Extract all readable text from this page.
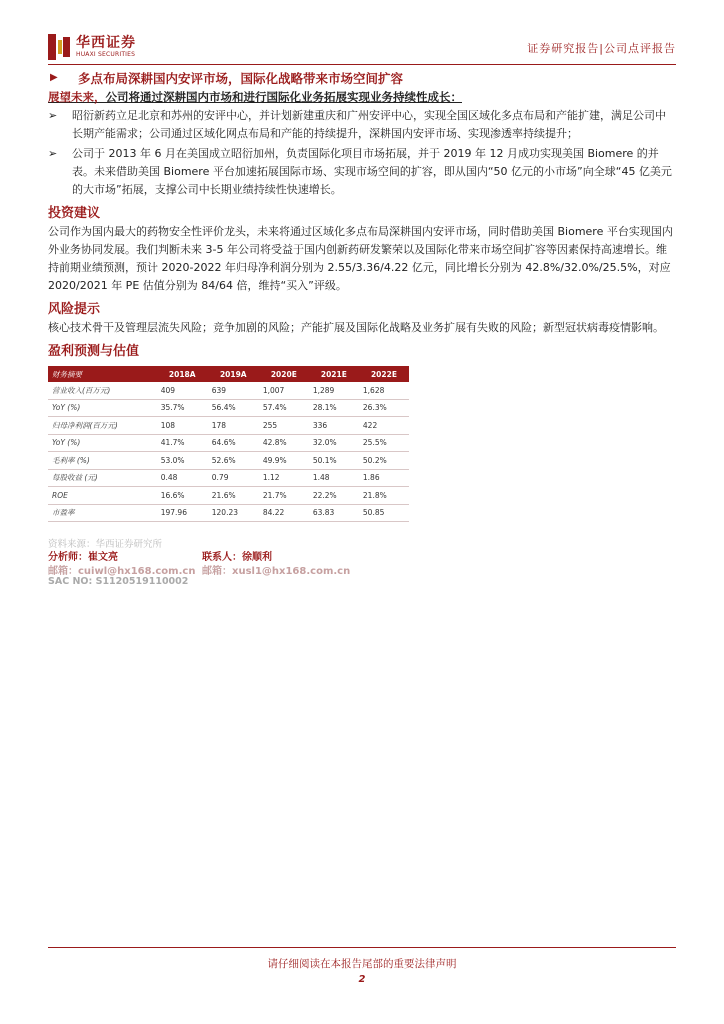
华西证券
HUAXI SECURITIES	证券研究报告|公司点评报告
▶ 多点布局深耕国内安评市场，国际化战略带来市场空间扩容
展望未来，公司将通过深耕国内市场和进行国际化业务拓展实现业务持续性成长：
➢ 昭衍新药立足北京和苏州的安评中心，并计划新建重庆和广州安评中心，实现全国区域化多点布局和产能扩建，满足公司中长期产能需求；公司通过区域化网点布局和产能的持续提升，深耕国内安评市场、实现渗透率持续提升；
➢ 公司于 2013 年 6 月在美国成立昭衍加州，负责国际化项目市场拓展，并于 2019 年 12 月成功实现美国 Biomere 的并表。未来借助美国 Biomere 平台加速拓展国际市场、实现市场空间的扩容，即从国内“50 亿元的小市场”向全球“45 亿美元的大市场”拓展，支撑公司中长期业绩持续性快速增长。
投资建议
公司作为国内最大的药物安全性评价龙头，未来将通过区域化多点布局深耕国内安评市场，同时借助美国 Biomere 平台实现国内外业务协同发展。我们判断未来 3-5 年公司将受益于国内创新药研发繁荣以及国际化带来市场空间扩容等因素保持高速增长。维持前期业绩预测，预计 2020-2022 年归母净利润分别为 2.55/3.36/4.22 亿元，同比增长分别为 42.8%/32.0%/25.5%，对应 2020/2021 年 PE 估值分别为 84/64 倍，维持“买入”评级。
风险提示
核心技术骨干及管理层流失风险；竞争加剧的风险；产能扩展及国际化战略及业务扩展有失败的风险；新型冠状病毒疫情影响。
盈利预测与估值
财务摘要	2018A	2019A	2020E	2021E	2022E
营业收入(百万元)	409	639	1,007	1,289	1,628
YoY (%)	35.7%	56.4%	57.4%	28.1%	26.3%
归母净利润(百万元)	108	178	255	336	422
YoY (%)	41.7%	64.6%	42.8%	32.0%	25.5%
毛利率 (%)	53.0%	52.6%	49.9%	50.1%	50.2%
每股收益 (元)	0.48	0.79	1.12	1.48	1.86
ROE	16.6%	21.6%	21.7%	22.2%	21.8%
市盈率	197.96	120.23	84.22	63.83	50.85
资料来源：华西证券研究所
分析师：崔文亮	联系人：徐顺利
邮箱：cuiwl@hx168.com.cn 邮箱：xusl1@hx168.com.cn
SAC NO: S1120519110002
请仔细阅读在本报告尾部的重要法律声明
2
